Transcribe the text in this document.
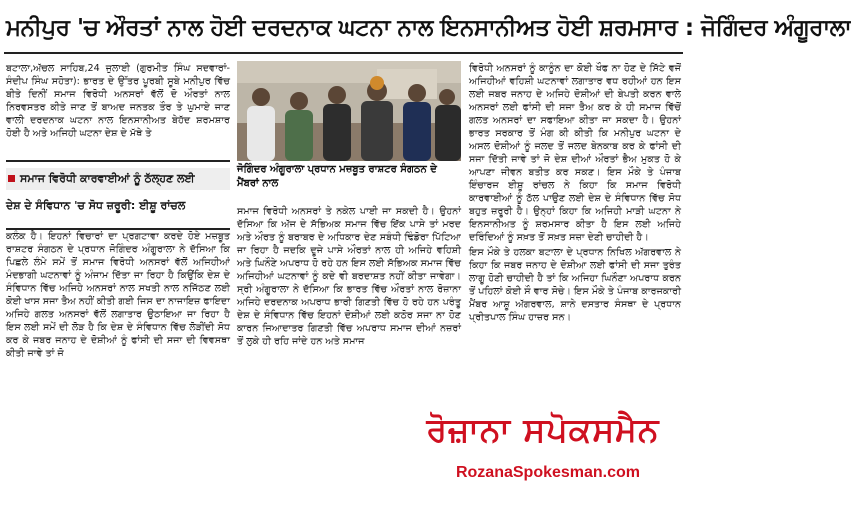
ਮਨੀਪੁਰ 'ਚ ਔਰਤਾਂ ਨਾਲ ਹੋਈ ਦਰਦਨਾਕ ਘਟਨਾ ਨਾਲ ਇਨਸਾਨੀਅਤ ਹੋਈ ਸ਼ਰਮਸਾਰ : ਜੋਗਿੰਦਰ ਅੰਗੂਰਾਲਾ

ਬਟਾਲਾ,ਅੱਚਲ ਸਾਹਿਬ,24 ਜੁਲਾਈ (ਗੁਰਮੀਤ ਸਿੰਘ ਸਦਵਾਰਾਂ-ਸੰਦੀਪ ਸਿੰਘ ਸਹੋਤਾ): ਭਾਰਤ ਦੇ ਉੱਤਰ ਪੂਰਬੀ ਸੂਬੇ ਮਨੀਪੁਰ ਵਿੱਚ ਬੀਤੇ ਦਿਨੀਂ ਸਮਾਜ ਵਿਰੋਧੀ ਅਨਸਰਾਂ ਵੱਲੋਂ ਦੋ ਔਰਤਾਂ ਨਾਲ ਨਿਰਵਸਤਰ ਕੀਤੇ ਜਾਣ ਤੋਂ ਬਾਅਦ ਜਨਤਕ ਤੌਰ ਤੇ ਘੁਮਾਏ ਜਾਣ ਵਾਲੀ ਦਰਦਨਾਕ ਘਟਨਾ ਨਾਲ ਇਨਸਾਨੀਅਤ ਬੇਹੱਦ ਸ਼ਰਮਸ਼ਾਰ ਹੋਈ ਹੈ ਅਤੇ ਅਜਿਹੀ ਘਟਨਾ ਦੇਸ਼ ਦੇ ਮੱਥੇ ਤੇ

ਸਮਾਜ ਵਿਰੋਧੀ ਕਾਰਵਾਈਆਂ ਨੂੰ ਠੱਲ੍ਹਣ ਲਈ
ਦੇਸ਼ ਦੇ ਸੰਵਿਧਾਨ 'ਚ ਸੋਧ ਜ਼ਰੂਰੀ: ਈਸ਼ੂ ਰਾਂਚਲ

ਕਲੰਕ ਹੈ। ਇਹਨਾਂ ਵਿਚਾਰਾਂ ਦਾ ਪ੍ਰਗਟਾਵਾ ਕਰਦੇ ਹੋਏ ਮਜ਼ਬੂਤ ਰਾਸ਼ਟਰ ਸੰਗਠਨ ਦੇ ਪ੍ਰਧਾਨ ਜੋਗਿੰਦਰ ਅੰਗੂਰਾਲਾ ਨੇ ਦੱਸਿਆ ਕਿ ਪਿਛਲੇ ਲੰਮੇ ਸਮੇਂ ਤੋਂ ਸਮਾਜ ਵਿਰੋਧੀ ਅਨਸਰਾਂ ਵੱਲੋਂ ਅਜਿਹੀਆਂ ਮੰਦਭਾਗੀ ਘਟਨਾਵਾਂ ਨੂੰ ਅੰਜਾਮ ਦਿੱਤਾ ਜਾ ਰਿਹਾ ਹੈ ਕਿਉਂਕਿ ਦੇਸ਼ ਦੇ ਸੰਵਿਧਾਨ ਵਿੱਚ ਅਜਿਹੇ ਅਨਸਰਾਂ ਨਾਲ ਸਖਤੀ ਨਾਲ ਨਜਿੱਠਣ ਲਈ ਕੋਈ ਖਾਸ ਸਜਾ ਤੈਅ ਨਹੀਂ ਕੀਤੀ ਗਈ ਜਿਸ ਦਾ ਨਾਜਾਇਜ਼ ਫਾਇਦਾ ਅਜਿਹੇ ਗਲਤ ਅਨਸਰਾਂ ਵੱਲੋਂ ਲਗਾਤਾਰ ਉਠਾਇਆ ਜਾ ਰਿਹਾ ਹੈ ਇਸ ਲਈ ਸਮੇਂ ਦੀ ਲੋੜ ਹੈ ਕਿ ਦੇਸ਼ ਦੇ ਸੰਵਿਧਾਨ ਵਿੱਚ ਲੋੜੀਂਦੀ ਸੋਧ ਕਰ ਕੇ ਜਬਰ ਜਨਾਹ ਦੇ ਦੋਸ਼ੀਆਂ ਨੂੰ ਫਾਂਸੀ ਦੀ ਸਜਾ ਦੀ ਵਿਵਸਥਾ ਕੀਤੀ ਜਾਵੇ ਤਾਂ ਜੋ

ਜੋਗਿੰਦਰ ਅੰਗੂਰਾਲਾ ਪ੍ਰਧਾਨ ਮਜ਼ਬੂਤ ਰਾਸ਼ਟਰ ਸੰਗਠਨ ਦੇ ਮੈਂਬਰਾਂ ਨਾਲ

ਸਮਾਜ ਵਿਰੋਧੀ ਅਨਸਰਾਂ ਤੇ ਨਕੇਲ ਪਾਈ ਜਾ ਸਕਦੀ ਹੈ। ਉਹਨਾਂ ਦੱਸਿਆ ਕਿ ਅੱਜ ਦੇ ਸੱਭਿਅਕ ਸਮਾਜ ਵਿੱਚ ਇੱਕ ਪਾਸੇ ਤਾਂ ਮਰਦ ਅਤੇ ਔਰਤ ਨੂੰ ਬਰਾਬਰ ਦੇ ਅਧਿਕਾਰ ਦੇਣ ਸਬੰਧੀ ਢਿੰਡੋਰਾ ਪਿੱਟਿਆ ਜਾ ਰਿਹਾ ਹੈ ਜਦਕਿ ਦੂਜੇ ਪਾਸੇ ਔਰਤਾਂ ਨਾਲ ਹੀ ਅਜਿਹੇ ਵਹਿਸ਼ੀ ਅਤੇ ਘਿਨੌਣੇ ਅਪਰਾਧ ਹੋ ਰਹੇ ਹਨ ਇਸ ਲਈ ਸੱਭਿਅਕ ਸਮਾਜ ਵਿੱਚ ਅਜਿਹੀਆਂ ਘਟਨਾਵਾਂ ਨੂੰ ਕਦੇ ਵੀ ਬਰਦਾਸ਼ਤ ਨਹੀਂ ਕੀਤਾ ਜਾਵੇਗਾ। ਸ੍ਰੀ ਅੰਗੂਰਾਲਾ ਨੇ ਦੱਸਿਆ ਕਿ ਭਾਰਤ ਵਿੱਚ ਔਰਤਾਂ ਨਾਲ ਰੋਜ਼ਾਨਾ ਅਜਿਹੇ ਦਰਦਨਾਕ ਅਪਰਾਧ ਭਾਰੀ ਗਿਣਤੀ ਵਿੱਚ ਹੋ ਰਹੇ ਹਨ ਪਰੰਤੂ ਦੇਸ਼ ਦੇ ਸੰਵਿਧਾਨ ਵਿੱਚ ਇਹਨਾਂ ਦੋਸ਼ੀਆਂ ਲਈ ਕਠੋਰ ਸਜਾ ਨਾ ਹੋਣ ਕਾਰਨ ਜਿਆਦਾਤਰ ਗਿਣਤੀ ਵਿੱਚ ਅਪਰਾਧ ਸਮਾਜ ਦੀਆਂ ਨਜ਼ਰਾਂ ਤੋਂ ਲੁਕੇ ਹੀ ਰਹਿ ਜਾਂਦੇ ਹਨ ਅਤੇ ਸਮਾਜ

ਵਿਰੋਧੀ ਅਨਸਰਾਂ ਨੂੰ ਕਾਨੂੰਨ ਦਾ ਕੋਈ ਖੌਫ ਨਾ ਹੋਣ ਦੇ ਸਿੱਟੇ ਵਜੋਂ ਅਜਿਹੀਆਂ ਵਹਿਸ਼ੀ ਘਟਨਾਵਾਂ ਲਗਾਤਾਰ ਵਧ ਰਹੀਆਂ ਹਨ ਇਸ ਲਈ ਜਬਰ ਜਨਾਹ ਦੇ ਅਜਿਹੇ ਦੋਸ਼ੀਆਂ ਦੀ ਬੇਪਤੀ ਕਰਨ ਵਾਲੇ ਅਨਸਰਾਂ ਲਈ ਫਾਂਸੀ ਦੀ ਸਜਾ ਤੈਅ ਕਰ ਕੇ ਹੀ ਸਮਾਜ ਵਿੱਚੋਂ ਗਲਤ ਅਨਸਰਾਂ ਦਾ ਸਫਾਇਆ ਕੀਤਾ ਜਾ ਸਕਦਾ ਹੈ। ਉਹਨਾਂ ਭਾਰਤ ਸਰਕਾਰ ਤੋਂ ਮੰਗ ਕੀ ਕੀਤੀ ਕਿ ਮਨੀਪੁਰ ਘਟਨਾ ਦੇ ਅਸਲ ਦੋਸ਼ੀਆਂ ਨੂੰ ਜਲਦ ਤੋਂ ਜਲਦ ਬੇਨਕਾਬ ਕਰ ਕੇ ਫਾਂਸੀ ਦੀ ਸਜਾ ਦਿੱਤੀ ਜਾਵੇ ਤਾਂ ਜੋ ਦੇਸ਼ ਦੀਆਂ ਔਰਤਾਂ ਭੈਅ ਮੁਕਤ ਹੋ ਕੇ ਆਪਣਾ ਜੀਵਨ ਬਤੀਤ ਕਰ ਸਕਣ। ਇਸ ਮੌਕੇ ਤੇ ਪੰਜਾਬ ਇੰਚਾਰਜ ਈਸ਼ੂ ਰਾਂਚਲ ਨੇ ਕਿਹਾ ਕਿ ਸਮਾਜ ਵਿਰੋਧੀ ਕਾਰਵਾਈਆਂ ਨੂੰ ਠੱਲ ਪਾਉਣ ਲਈ ਦੇਸ਼ ਦੇ ਸੰਵਿਧਾਨ ਵਿੱਚ ਸੋਧ ਬਹੁਤ ਜ਼ਰੂਰੀ ਹੈ। ਉਨ੍ਹਾਂ ਕਿਹਾ ਕਿ ਅਜਿਹੀ ਮਾੜੀ ਘਟਨਾ ਨੇ ਇਨਸਾਨੀਅਤ ਨੂੰ ਸ਼ਰਮਸਾਰ ਕੀਤਾ ਹੈ ਇਸ ਲਈ ਅਜਿਹੇ ਦਰਿੰਦਿਆਂ ਨੂੰ ਸਖ਼ਤ ਤੋਂ ਸਖ਼ਤ ਸਜ਼ਾ ਦੇਣੀ ਚਾਹੀਦੀ ਹੈ।

ਇਸ ਮੌਕੇ ਤੇ ਹਲਕਾ ਬਟਾਲਾ ਦੇ ਪ੍ਰਧਾਨ ਨਿਖਿਲ ਅੱਗਰਵਾਲ ਨੇ ਕਿਹਾ ਕਿ ਜਬਰ ਜਨਾਹ ਦੇ ਦੋਸ਼ੀਆ ਲਈ ਫਾਂਸੀ ਦੀ ਸਜਾ ਤੁਰੰਤ ਲਾਗੂ ਹੋਣੀ ਚਾਹੀਦੀ ਹੈ ਤਾਂ ਕਿ ਅਜਿਹਾ ਘਿਨੌਣਾ ਅਪਰਾਧ ਕਰਨ ਤੋਂ ਪਹਿਲਾਂ ਕੋਈ ਸੌ ਵਾਰ ਸੋਚੇ। ਇਸ ਮੌਕੇ ਤੇ ਪੰਜਾਬ ਕਾਰਜਕਾਰੀ ਮੈਂਬਰ ਆਸ਼ੂ ਅੱਗਰਵਾਲ, ਸ਼ਾਨੇ ਦਸਤਾਰ ਸੰਸਥਾ ਦੇ ਪ੍ਰਧਾਨ ਪ੍ਰੀਤਪਾਲ ਸਿੰਘ ਹਾਜ਼ਰ ਸਨ।

ਰੋਜ਼ਾਨਾ ਸਪੋਕਸਮੈਨ
RozanaSpokesman.com
